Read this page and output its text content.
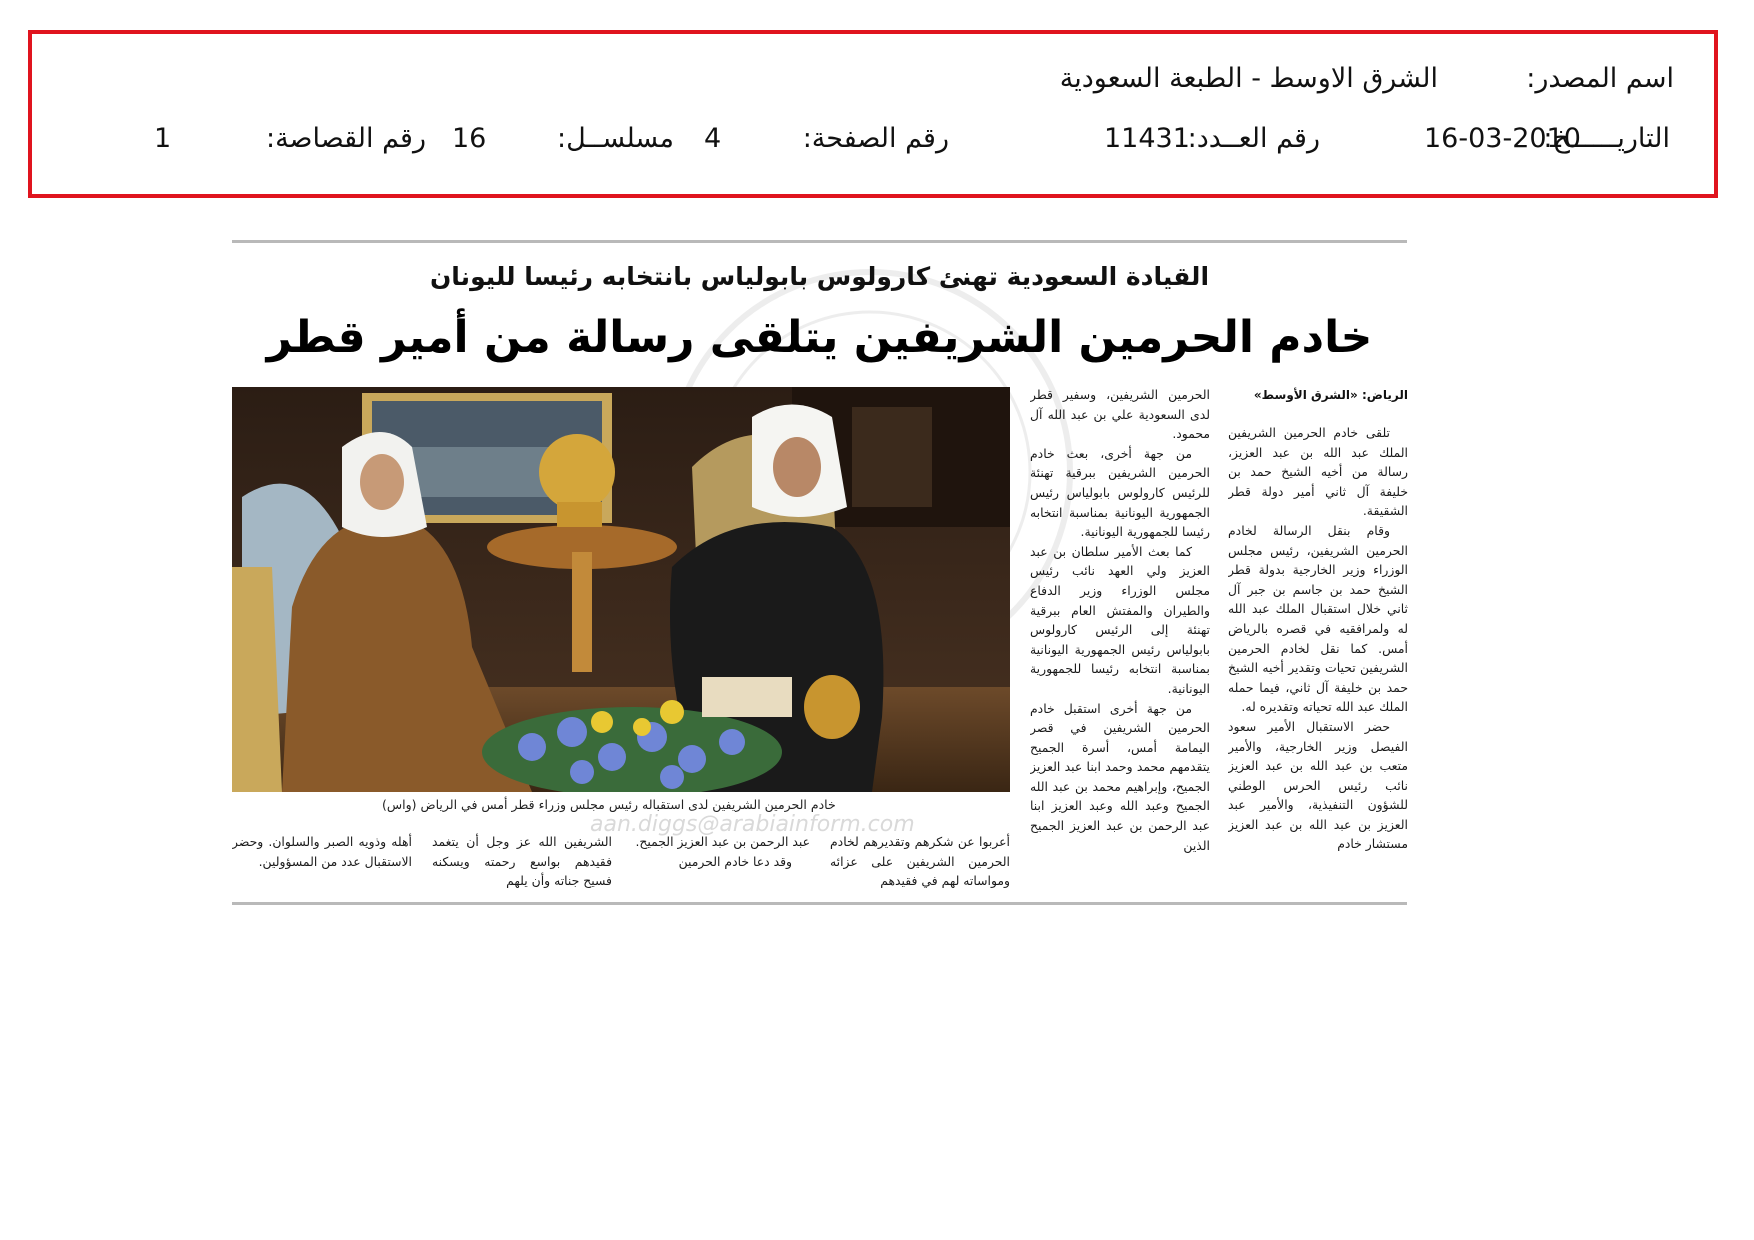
اسم المصدر:
الشرق الاوسط - الطبعة السعودية
التاريــــــخ:
16-03-2010
رقم العــدد:
11431
رقم الصفحة:
4
مسلســل:
16
رقم القصاصة:
1
القيادة السعودية تهنئ كارولوس بابولياس بانتخابه رئيسا لليونان
خادم الحرمين الشريفين يتلقى رسالة من أمير قطر
خادم الحرمين الشريفين لدى استقباله رئيس مجلس وزراء قطر أمس في الرياض (واس)
الرياض: «الشرق الأوسط»

تلقى خادم الحرمين الشريفين الملك عبد الله بن عبد العزيز، رسالة من أخيه الشيخ حمد بن خليفة آل ثاني أمير دولة قطر الشقيقة.

وقام بنقل الرسالة لخادم الحرمين الشريفين، رئيس مجلس الوزراء وزير الخارجية بدولة قطر الشيخ حمد بن جاسم بن جبر آل ثاني خلال استقبال الملك عبد الله له ولمرافقيه في قصره بالرياض أمس. كما نقل لخادم الحرمين الشريفين تحيات وتقدير أخيه الشيخ حمد بن خليفة آل ثاني، فيما حمله الملك عبد الله تحياته وتقديره له.

حضر الاستقبال الأمير سعود الفيصل وزير الخارجية، والأمير متعب بن عبد الله بن عبد العزيز نائب رئيس الحرس الوطني للشؤون التنفيذية، والأمير عبد العزيز بن عبد الله بن عبد العزيز مستشار خادم

الحرمين الشريفين، وسفير قطر لدى السعودية علي بن عبد الله آل محمود.

من جهة أخرى، بعث خادم الحرمين الشريفين ببرقية تهنئة للرئيس كارولوس بابولياس رئيس الجمهورية اليونانية بمناسبة انتخابه رئيسا للجمهورية اليونانية.

كما بعث الأمير سلطان بن عبد العزيز ولي العهد نائب رئيس مجلس الوزراء وزير الدفاع والطيران والمفتش العام ببرقية تهنئة إلى الرئيس كارولوس بابولياس رئيس الجمهورية اليونانية بمناسبة انتخابه رئيسا للجمهورية اليونانية.

من جهة أخرى استقبل خادم الحرمين الشريفين في قصر اليمامة أمس، أسرة الجميح يتقدمهم محمد وحمد ابنا عبد العزيز الجميح، وإبراهيم محمد بن عبد الله الجميح وعبد الله وعبد العزيز ابنا عبد الرحمن بن عبد العزيز الجميح الذين

أعربوا عن شكرهم وتقديرهم لخادم الحرمين الشريفين على عزائه ومواساته لهم في فقيدهم

عبد الرحمن بن عبد العزيز الجميح.

وقد دعا خادم الحرمين

الشريفين الله عز وجل أن يتغمد فقيدهم بواسع رحمته ويسكنه فسيح جناته وأن يلهم

أهله وذويه الصبر والسلوان. وحضر الاستقبال عدد من المسؤولين.

aan.diggs@arabiainform.com
